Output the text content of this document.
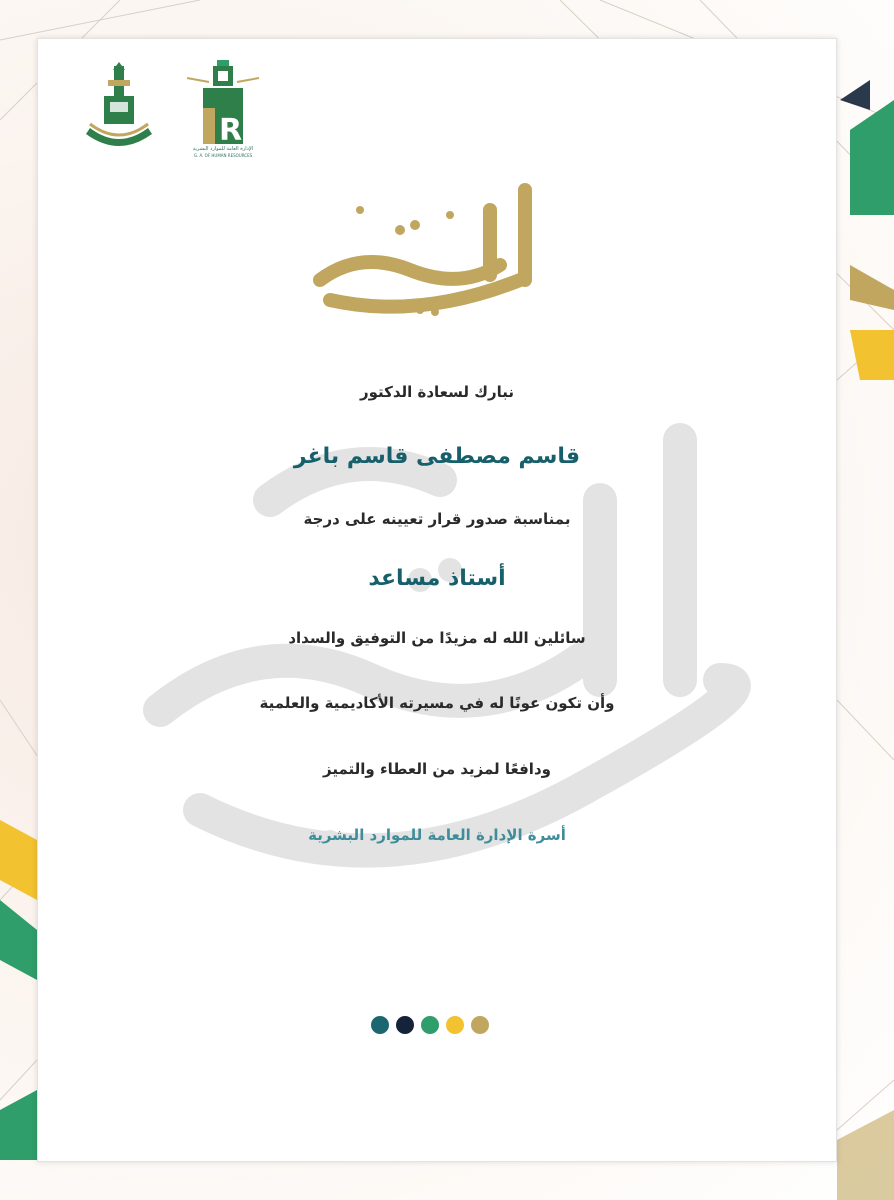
R
الإدارة العامة للموارد البشرية
G. A. OF HUMAN RESOURCES

نبارك لسعادة الدكتور

قاسم مصطفى قاسم باغر

بمناسبة صدور قرار تعيينه على درجة

أستاذ مساعد

سائلين الله له مزيدًا من التوفيق والسداد

وأن تكون عونًا له في مسيرته الأكاديمية والعلمية

ودافعًا لمزيد من العطاء والتميز

أسرة الإدارة العامة للموارد البشرية
